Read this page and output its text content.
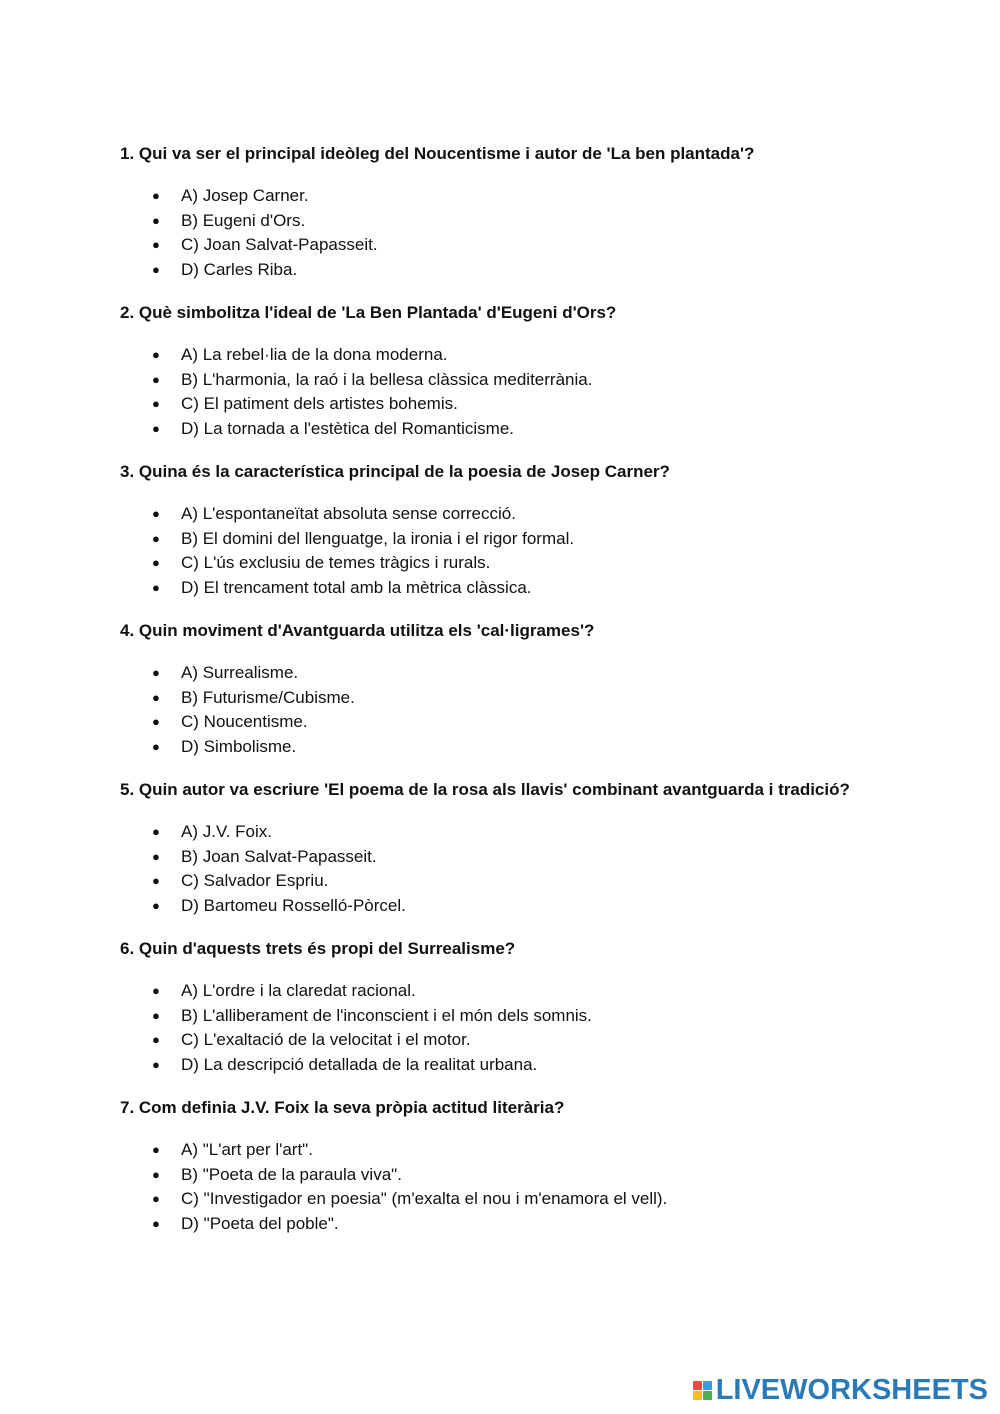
1. Qui va ser el principal ideòleg del Noucentisme i autor de 'La ben plantada'?

● A) Josep Carner.
● B) Eugeni d'Ors.
● C) Joan Salvat-Papasseit.
● D) Carles Riba.

2. Què simbolitza l'ideal de 'La Ben Plantada' d'Eugeni d'Ors?

● A) La rebel·lia de la dona moderna.
● B) L'harmonia, la raó i la bellesa clàssica mediterrània.
● C) El patiment dels artistes bohemis.
● D) La tornada a l'estètica del Romanticisme.

3. Quina és la característica principal de la poesia de Josep Carner?

● A) L'espontaneïtat absoluta sense correcció.
● B) El domini del llenguatge, la ironia i el rigor formal.
● C) L'ús exclusiu de temes tràgics i rurals.
● D) El trencament total amb la mètrica clàssica.

4. Quin moviment d'Avantguarda utilitza els 'cal·ligrames'?

● A) Surrealisme.
● B) Futurisme/Cubisme.
● C) Noucentisme.
● D) Simbolisme.

5. Quin autor va escriure 'El poema de la rosa als llavis' combinant avantguarda i tradició?

● A) J.V. Foix.
● B) Joan Salvat-Papasseit.
● C) Salvador Espriu.
● D) Bartomeu Rosselló-Pòrcel.

6. Quin d'aquests trets és propi del Surrealisme?

● A) L'ordre i la claredat racional.
● B) L'alliberament de l'inconscient i el món dels somnis.
● C) L'exaltació de la velocitat i el motor.
● D) La descripció detallada de la realitat urbana.

7. Com definia J.V. Foix la seva pròpia actitud literària?

● A) "L'art per l'art".
● B) "Poeta de la paraula viva".
● C) "Investigador en poesia" (m'exalta el nou i m'enamora el vell).
● D) "Poeta del poble".
LIVEWORKSHEETS
